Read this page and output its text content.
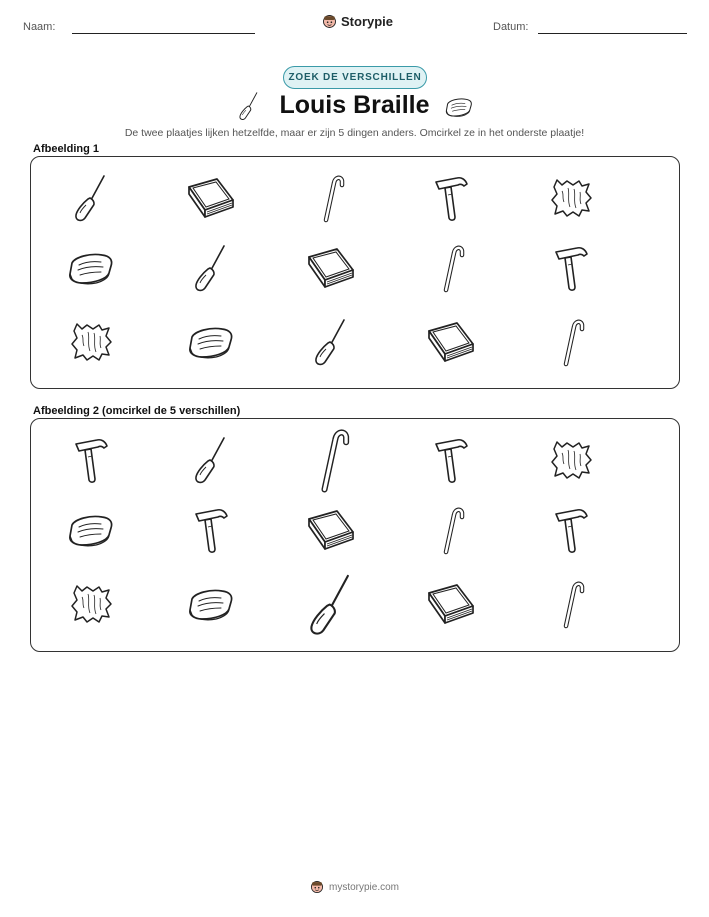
Naam:	Storypie	Datum:
ZOEK DE VERSCHILLEN
Louis Braille
De twee plaatjes lijken hetzelfde, maar er zijn 5 dingen anders. Omcirkel ze in het onderste plaatje!
Afbeelding 1
Afbeelding 2 (omcirkel de 5 verschillen)
mystorypie.com
